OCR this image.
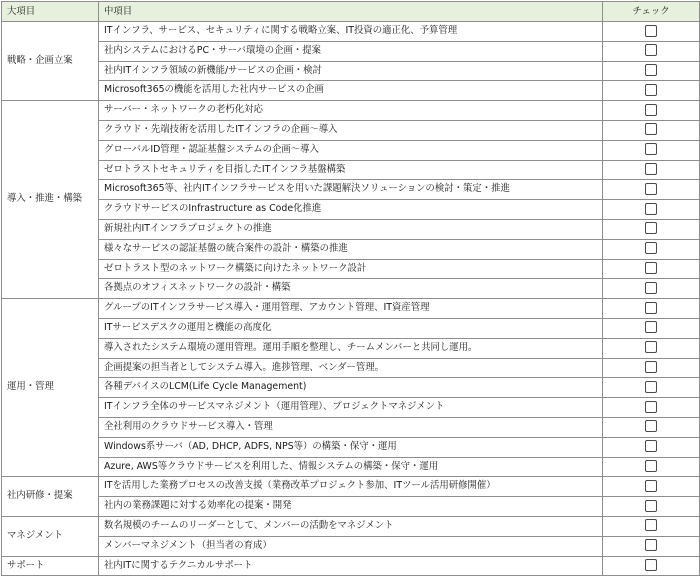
大項目	中項目	チェック
戦略・企画立案	ITインフラ、サービス、セキュリティに関する戦略立案、IT投資の適正化、予算管理	
	社内システムにおけるPC・サーバ環境の企画・提案	
	社内ITインフラ領域の新機能/サービスの企画・検討	
	Microsoft365の機能を活用した社内サービスの企画	
導入・推進・構築	サーバー・ネットワークの老朽化対応	
	クラウド・先端技術を活用したITインフラの企画〜導入	
	グローバルID管理・認証基盤システムの企画〜導入	
	ゼロトラストセキュリティを目指したITインフラ基盤構築	
	Microsoft365等、社内ITインフラサービスを用いた課題解決ソリューションの検討・策定・推進	
	クラウドサービスのInfrastructure as Code化推進	
	新規社内ITインフラプロジェクトの推進	
	様々なサービスの認証基盤の統合案件の設計・構築の推進	
	ゼロトラスト型のネットワーク構築に向けたネットワーク設計	
	各拠点のオフィスネットワークの設計・構築	
運用・管理	グループのITインフラサービス導入・運用管理、アカウント管理、IT資産管理	
	ITサービスデスクの運用と機能の高度化	
	導入されたシステム環境の運用管理。運用手順を整理し、チームメンバーと共同し運用。	
	企画提案の担当者としてシステム導入。進捗管理、ベンダー管理。	
	各種デバイスのLCM(Life Cycle Management)	
	ITインフラ全体のサービスマネジメント（運用管理）、プロジェクトマネジメント	
	全社利用のクラウドサービス導入・管理	
	Windows系サーバ（AD, DHCP, ADFS, NPS等）の構築・保守・運用	
	Azure, AWS等クラウドサービスを利用した、情報システムの構築・保守・運用	
社内研修・提案	ITを活用した業務プロセスの改善支援（業務改革プロジェクト参加、ITツール活用研修開催）	
	社内の業務課題に対する効率化の提案・開発	
マネジメント	数名規模のチームのリーダーとして、メンバーの活動をマネジメント	
	メンバーマネジメント（担当者の育成）	
サポート	社内ITに関するテクニカルサポート	
